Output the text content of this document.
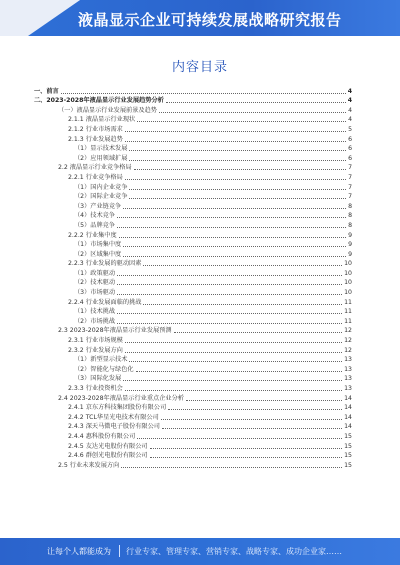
液晶显示企业可持续发展战略研究报告
内容目录
一、前言	4
二、2023-2028年液晶显示行业发展趋势分析	4
（一）液晶显示行业发展前景及趋势	4
2.1.1 液晶显示行业现状	4
2.1.2 行业市场需求	5
2.1.3 行业发展趋势	6
（1）显示技术发展	6
（2）应用领域扩展	6
2.2 液晶显示行业竞争格局	7
2.2.1 行业竞争格局	7
（1）国内企业竞争	7
（2）国际企业竞争	7
（3）产业链竞争	8
（4）技术竞争	8
（5）品牌竞争	8
2.2.2 行业集中度	9
（1）市场集中度	9
（2）区域集中度	9
2.2.3 行业发展的驱动因素	10
（1）政策驱动	10
（2）技术驱动	10
（3）市场驱动	10
2.2.4 行业发展面临的挑战	11
（1）技术挑战	11
（2）市场挑战	11
2.3 2023-2028年液晶显示行业发展预测	12
2.3.1 行业市场规模	12
2.3.2 行业发展方向	12
（1）新型显示技术	13
（2）智能化与绿色化	13
（3）国际化发展	13
2.3.3 行业投资机会	13
2.4 2023-2028年液晶显示行业重点企业分析	14
2.4.1 京东方科技集团股份有限公司	14
2.4.2 TCL华星光电技术有限公司	14
2.4.3 深天马微电子股份有限公司	14
2.4.4 惠科股份有限公司	15
2.4.5 友达光电股份有限公司	15
2.4.6 群创光电股份有限公司	15
2.5 行业未来发展方向	15
让每个人都能成为 行业专家、管理专家、营销专家、战略专家、成功企业家……
